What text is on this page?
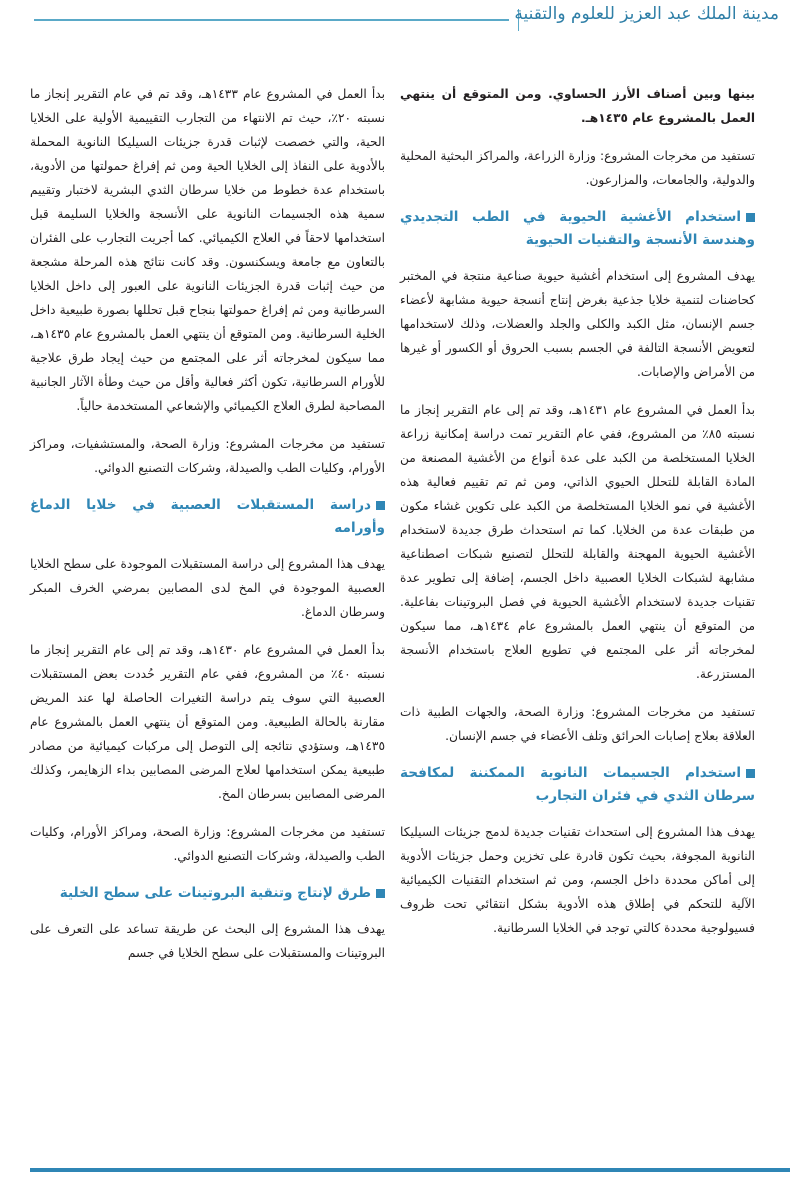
مدينة الملك عبد العزيز للعلوم والتقنية

بينها وبين أصناف الأرز الحساوي. ومن المتوقع أن ينتهي العمل بالمشروع عام ١٤٣٥هـ.

تستفيد من مخرجات المشروع: وزارة الزراعة، والمراكز البحثية المحلية والدولية، والجامعات، والمزارعون.

استخدام الأغشية الحيوية في الطب التجديدي وهندسة الأنسجة والتقنيات الحيوية

يهدف المشروع إلى استخدام أغشية حيوية صناعية منتجة في المختبر كحاضنات لتنمية خلايا جذعية بغرض إنتاج أنسجة حيوية مشابهة لأعضاء جسم الإنسان، مثل الكبد والكلى والجلد والعضلات، وذلك لاستخدامها لتعويض الأنسجة التالفة في الجسم بسبب الحروق أو الكسور أو غيرها من الأمراض والإصابات.

بدأ العمل في المشروع عام ١٤٣١هـ، وقد تم إلى عام التقرير إنجاز ما نسبته ٨٥٪ من المشروع، ففي عام التقرير تمت دراسة إمكانية زراعة الخلايا المستخلصة من الكبد على عدة أنواع من الأغشية المصنعة من المادة القابلة للتحلل الحيوي الذاتي، ومن ثم تم تقييم فعالية هذه الأغشية في نمو الخلايا المستخلصة من الكبد على تكوين غشاء مكون من طبقات عدة من الخلايا. كما تم استحداث طرق جديدة لاستخدام الأغشية الحيوية المهجنة والقابلة للتحلل لتصنيع شبكات اصطناعية مشابهة لشبكات الخلايا العصبية داخل الجسم، إضافة إلى تطوير عدة تقنيات جديدة لاستخدام الأغشية الحيوية في فصل البروتينات بفاعلية. من المتوقع أن ينتهي العمل بالمشروع عام ١٤٣٤هـ، مما سيكون لمخرجاته أثر على المجتمع في تطويع العلاج باستخدام الأنسجة المستزرعة.

تستفيد من مخرجات المشروع: وزارة الصحة، والجهات الطبية ذات العلاقة بعلاج إصابات الحرائق وتلف الأعضاء في جسم الإنسان.

استخدام الجسيمات النانوية الممكننة لمكافحة سرطان الثدي في فئران التجارب

يهدف هذا المشروع إلى استحداث تقنيات جديدة لدمج جزيئات السيليكا النانوية المجوفة، بحيث تكون قادرة على تخزين وحمل جزيئات الأدوية إلى أماكن محددة داخل الجسم، ومن ثم استخدام التقنيات الكيميائية الآلية للتحكم في إطلاق هذه الأدوية بشكل انتقائي تحت ظروف فسيولوجية محددة كالتي توجد في الخلايا السرطانية.

بدأ العمل في المشروع عام ١٤٣٣هـ، وقد تم في عام التقرير إنجاز ما نسبته ٢٠٪، حيث تم الانتهاء من التجارب التقييمية الأولية على الخلايا الحية، والتي خصصت لإثبات قدرة جزيئات السيليكا النانوية المحملة بالأدوية على النفاذ إلى الخلايا الحية ومن ثم إفراغ حمولتها من الأدوية، باستخدام عدة خطوط من خلايا سرطان الثدي البشرية لاختبار وتقييم سمية هذه الجسيمات النانوية على الأنسجة والخلايا السليمة قبل استخدامها لاحقاً في العلاج الكيميائي. كما أجريت التجارب على الفئران بالتعاون مع جامعة ويسكنسون. وقد كانت نتائج هذه المرحلة مشجعة من حيث إثبات قدرة الجزيئات النانوية على العبور إلى داخل الخلايا السرطانية ومن ثم إفراغ حمولتها بنجاح قبل تحللها بصورة طبيعية داخل الخلية السرطانية. ومن المتوقع أن ينتهي العمل بالمشروع عام ١٤٣٥هـ، مما سيكون لمخرجاته أثر على المجتمع من حيث إيجاد طرق علاجية للأورام السرطانية، تكون أكثر فعالية وأقل من حيث وطأة الآثار الجانبية المصاحبة لطرق العلاج الكيميائي والإشعاعي المستخدمة حالياً.

تستفيد من مخرجات المشروع: وزارة الصحة، والمستشفيات، ومراكز الأورام، وكليات الطب والصيدلة، وشركات التصنيع الدوائي.

دراسة المستقبلات العصبية في خلايا الدماغ وأورامه

يهدف هذا المشروع إلى دراسة المستقبلات الموجودة على سطح الخلايا العصبية الموجودة في المخ لدى المصابين بمرضي الخرف المبكر وسرطان الدماغ.

بدأ العمل في المشروع عام ١٤٣٠هـ، وقد تم إلى عام التقرير إنجاز ما نسبته ٤٠٪ من المشروع، ففي عام التقرير حُددت بعض المستقبلات العصبية التي سوف يتم دراسة التغيرات الحاصلة لها عند المريض مقارنة بالحالة الطبيعية. ومن المتوقع أن ينتهي العمل بالمشروع عام ١٤٣٥هـ، وستؤدي نتائجه إلى التوصل إلى مركبات كيميائية من مصادر طبيعية يمكن استخدامها لعلاج المرضى المصابين بداء الزهايمر، وكذلك المرضى المصابين بسرطان المخ.

تستفيد من مخرجات المشروع: وزارة الصحة، ومراكز الأورام، وكليات الطب والصيدلة، وشركات التصنيع الدوائي.

طرق لإنتاج وتنقية البروتينات على سطح الخلية

يهدف هذا المشروع إلى البحث عن طريقة تساعد على التعرف على البروتينات والمستقبلات على سطح الخلايا في جسم
